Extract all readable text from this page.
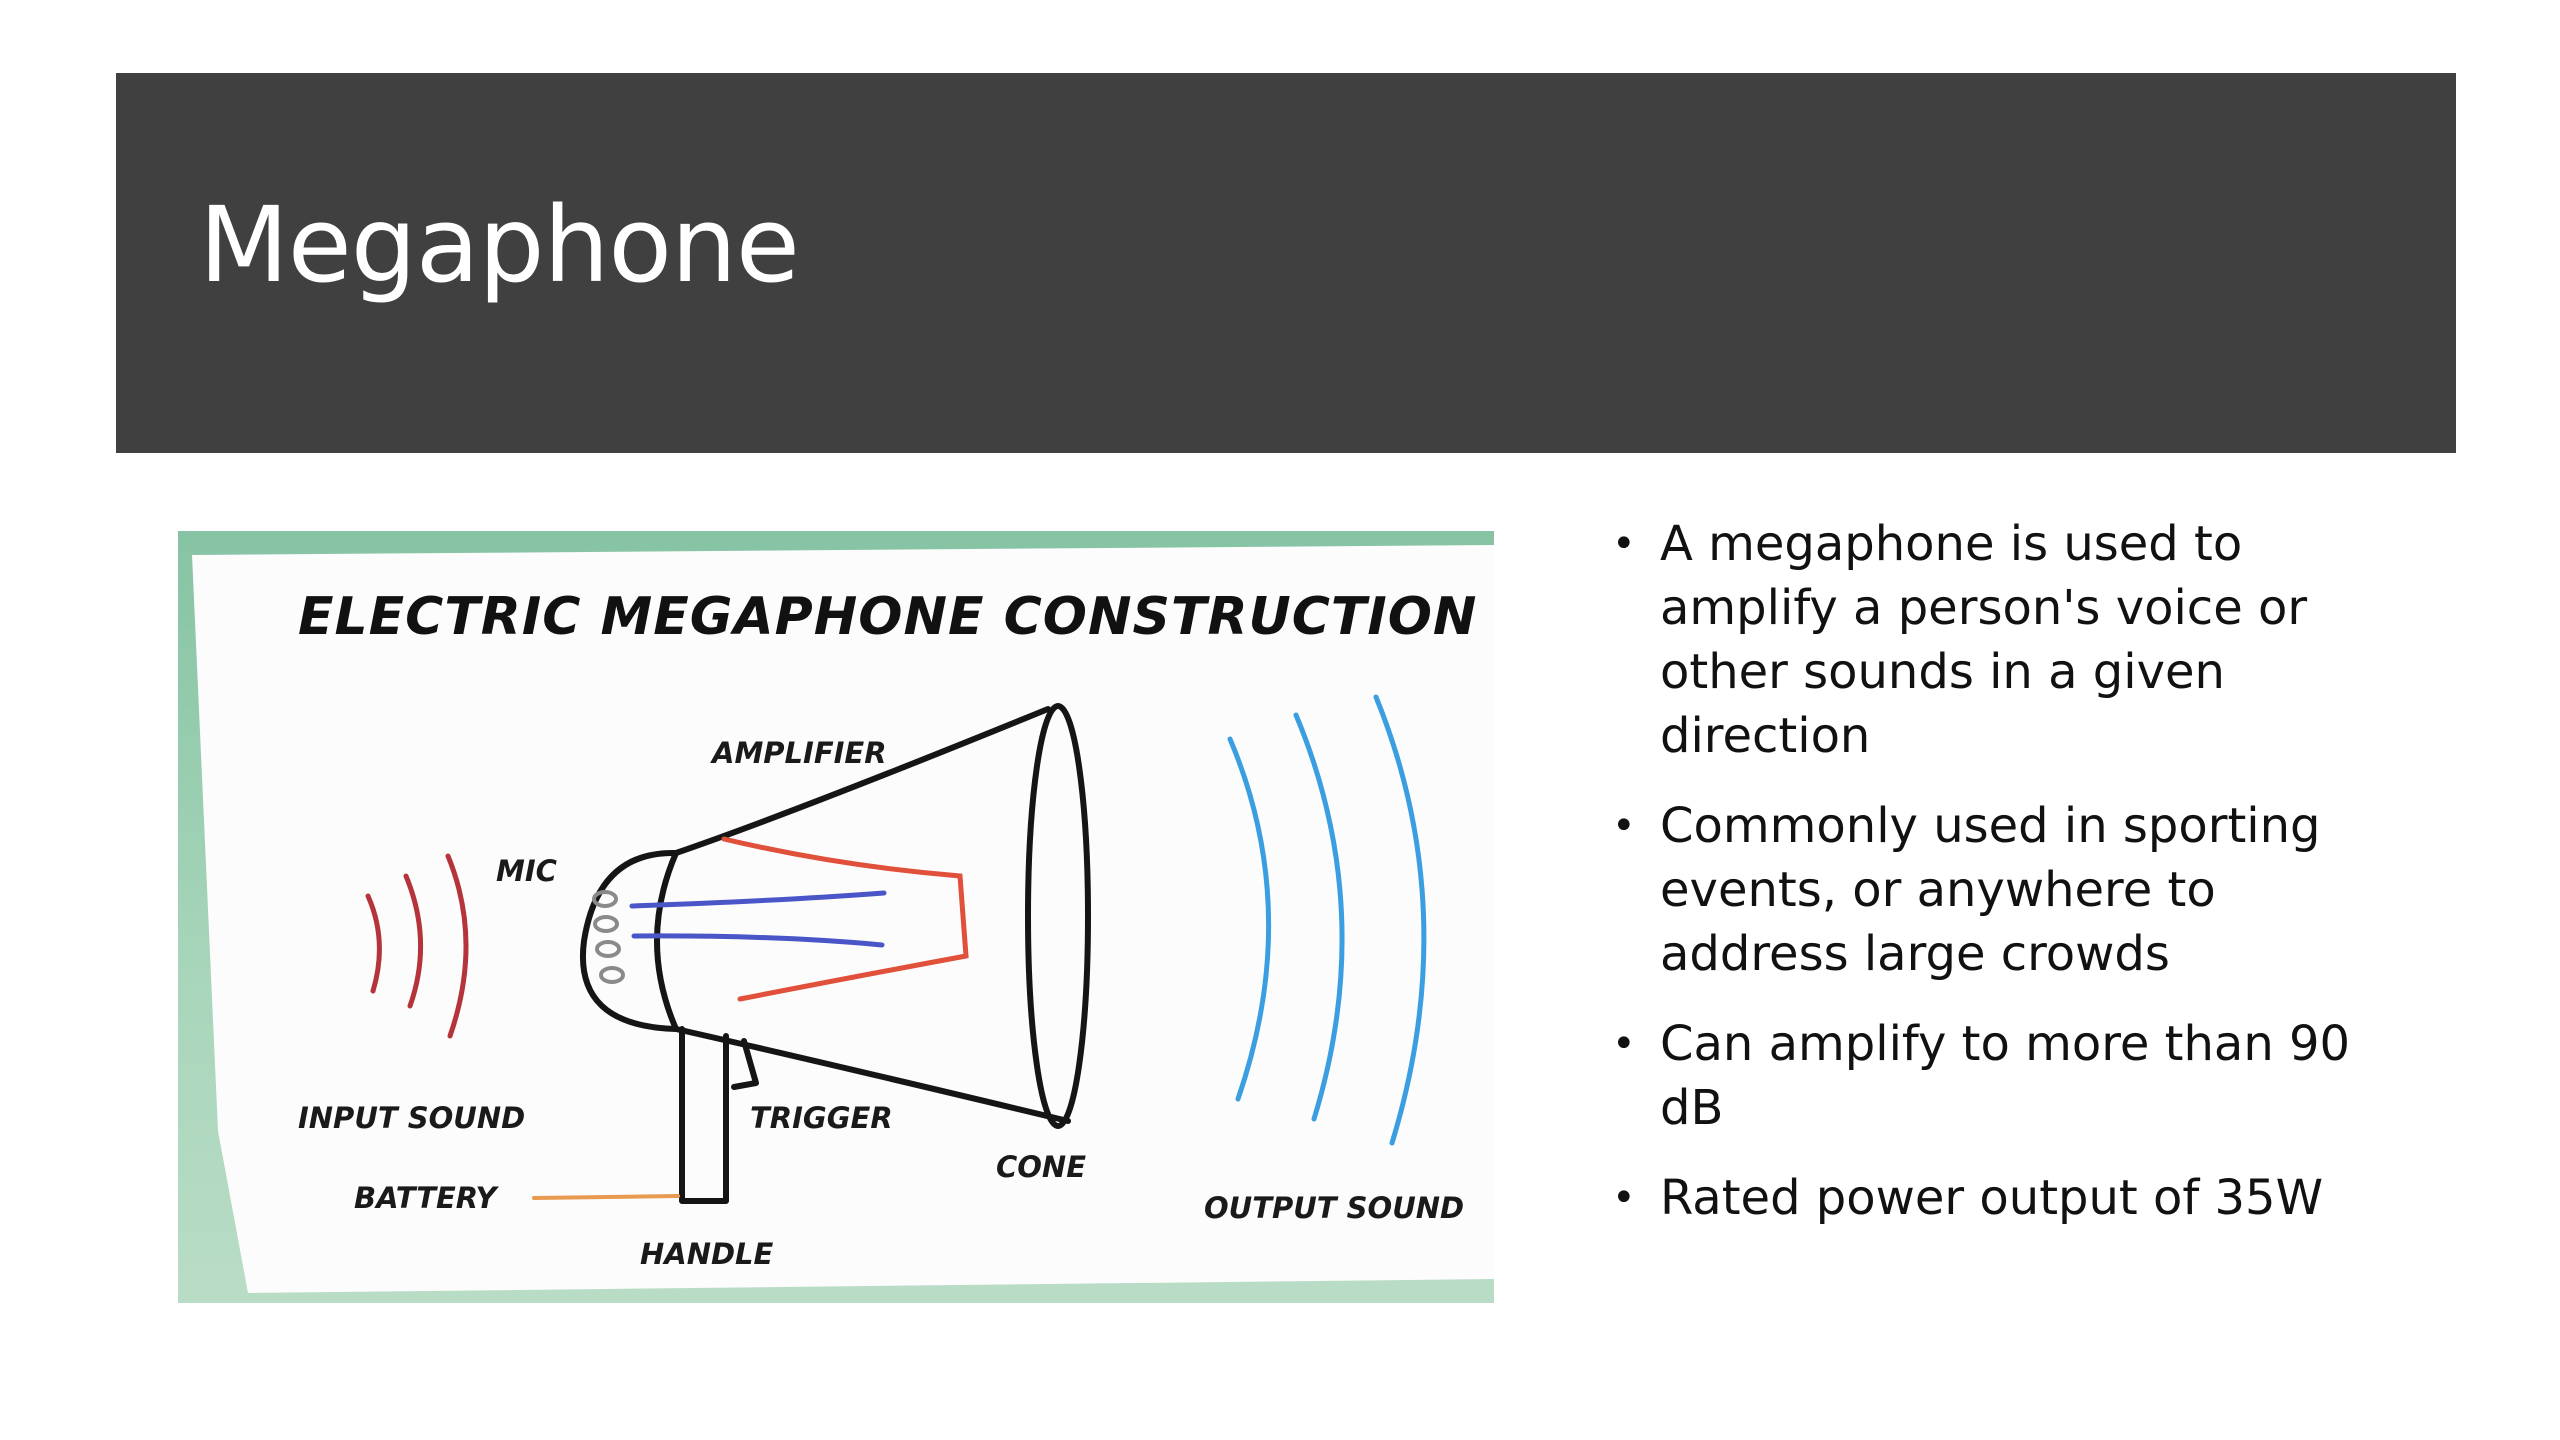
Megaphone
ELECTRIC MEGAPHONE CONSTRUCTION
AMPLIFIER
MIC
INPUT SOUND	TRIGGER
BATTERY
HANDLE
CONE
OUTPUT SOUND
• A megaphone is used to amplify a person's voice or other sounds in a given direction
• Commonly used in sporting events, or anywhere to address large crowds
• Can amplify to more than 90 dB
• Rated power output of 35W
